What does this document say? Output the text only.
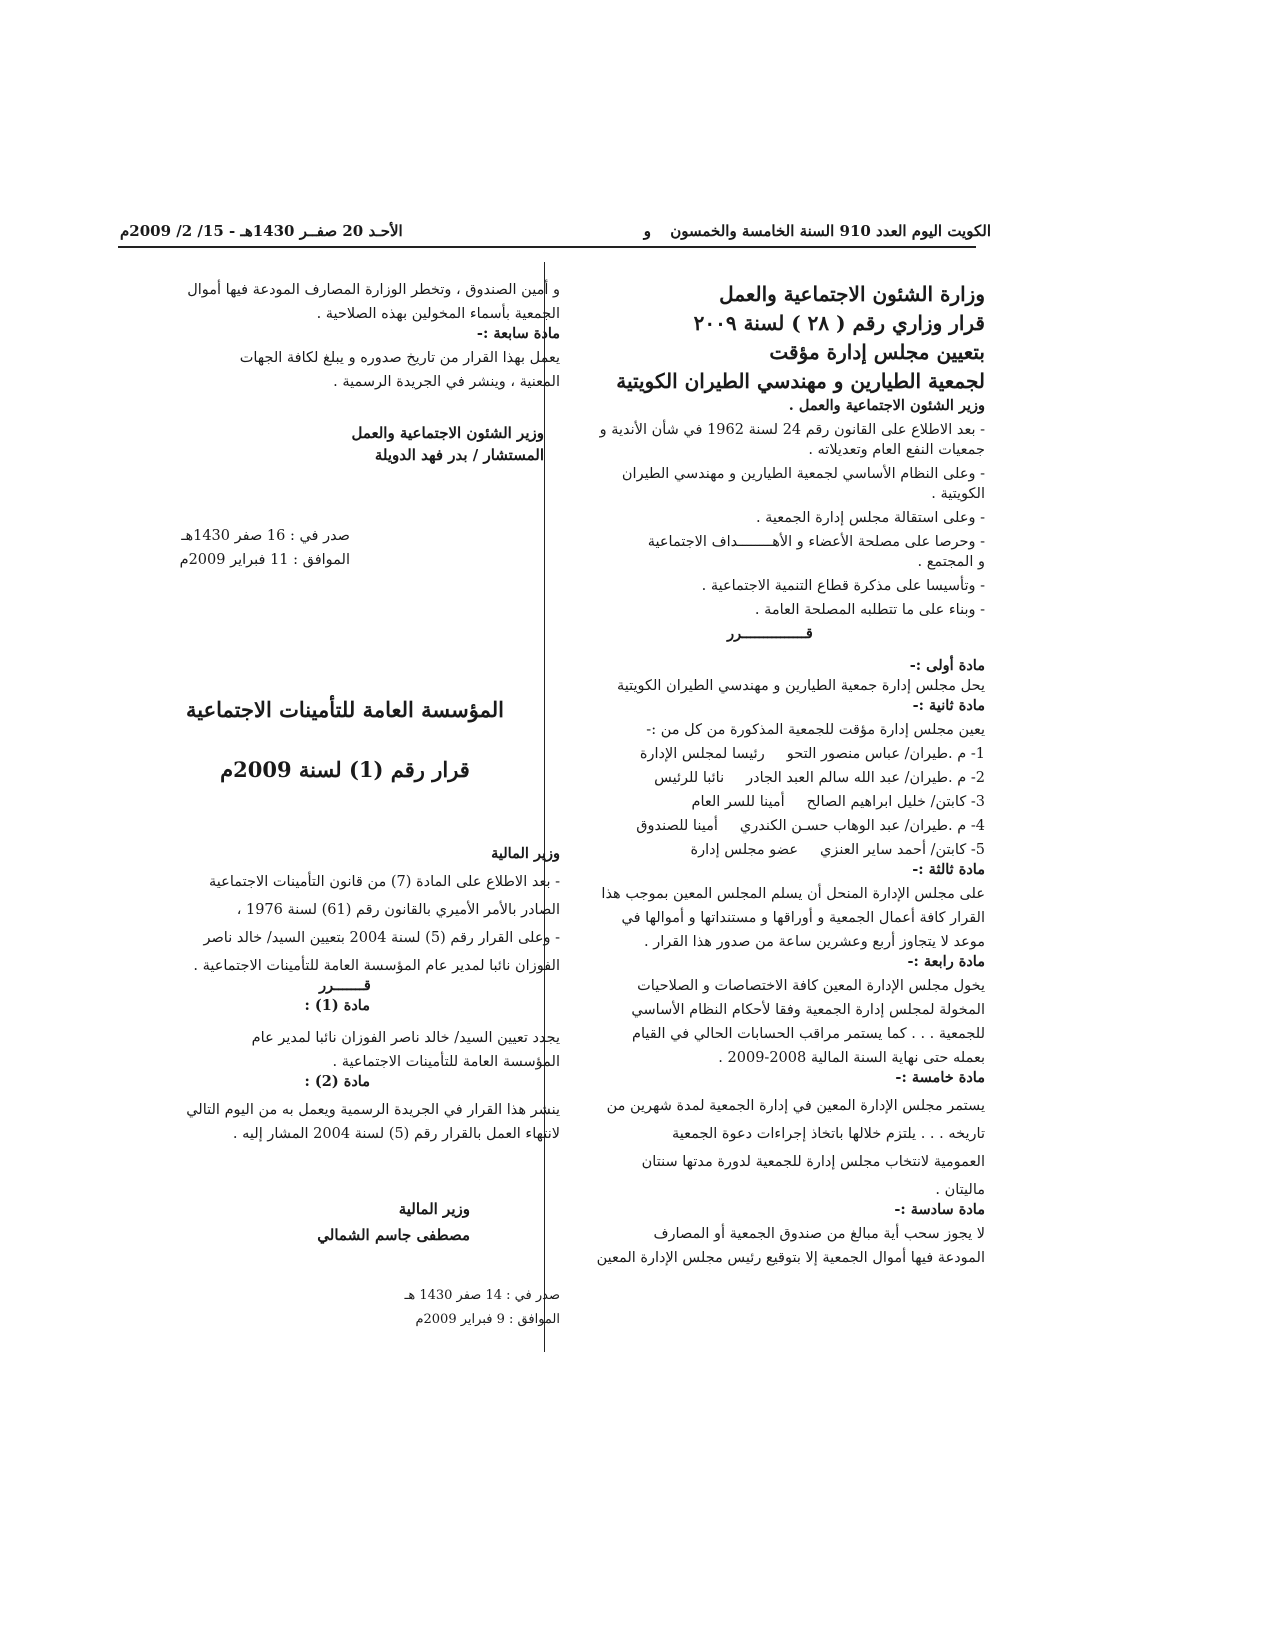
الكويت اليوم العدد 910 السنة الخامسة والخمسون و
الأحـد 20 صفــر 1430هـ - 15/ 2/ 2009م

وزارة الشئون الاجتماعية والعمل

قرار وزاري رقم ( ٢٨ ) لسنة ٢٠٠٩

بتعيين مجلس إدارة مؤقت

لجمعية الطيارين و مهندسي الطيران الكويتية

وزير الشئون الاجتماعية والعمل .

- بعد الاطلاع على القانون رقم 24 لسنة 1962 في شأن الأندية و

جمعيات النفع العام وتعديلاته .

- وعلى النظام الأساسي لجمعية الطيارين و مهندسي الطيران

الكويتية .

- وعلى استقالة مجلس إدارة الجمعية .

- وحرصا على مصلحة الأعضاء و الأهــــــــداف الاجتماعية

و المجتمع .

- وتأسيسا على مذكرة قطاع التنمية الاجتماعية .

- وبناء على ما تتطلبه المصلحة العامة .

قـــــــــــــــرر

مادة أولى :-

يحل مجلس إدارة جمعية الطيارين و مهندسي الطيران الكويتية

مادة ثانية :-

يعين مجلس إدارة مؤقت للجمعية المذكورة من كل من :-

1- م .طيران/ عباس منصور التحو
رئيسا لمجلس الإدارة
2- م .طيران/ عبد الله سالم العبد الجادر
نائبا للرئيس
3- كابتن/ خليل ابراهيم الصالح
أمينا للسر العام
4- م .طيران/ عبد الوهاب حسـن الكندري
أمينا للصندوق
5- كابتن/ أحمد ساير العنزي
عضو مجلس إدارة

مادة ثالثة :-

على مجلس الإدارة المنحل أن يسلم المجلس المعين بموجب هذا

القرار كافة أعمال الجمعية و أوراقها و مستنداتها و أموالها في

موعد لا يتجاوز أربع وعشرين ساعة من صدور هذا القرار .

مادة رابعة :-

يخول مجلس الإدارة المعين كافة الاختصاصات و الصلاحيات

المخولة لمجلس إدارة الجمعية وفقا لأحكام النظام الأساسي

للجمعية . . . كما يستمر مراقب الحسابات الحالي في القيام

بعمله حتى نهاية السنة المالية 2008-2009 .

مادة خامسة :-

يستمر مجلس الإدارة المعين في إدارة الجمعية لمدة شهرين من

تاريخه . . . يلتزم خلالها باتخاذ إجراءات دعوة الجمعية

العمومية لانتخاب مجلس إدارة للجمعية لدورة مدتها سنتان

ماليتان .

مادة سادسة :-

لا يجوز سحب أية مبالغ من صندوق الجمعية أو المصارف

المودعة فيها أموال الجمعية إلا بتوقيع رئيس مجلس الإدارة المعين

و أمين الصندوق ، وتخطر الوزارة المصارف المودعة فيها أموال

الجمعية بأسماء المخولين بهذه الصلاحية .

مادة سابعة :-

يعمل بهذا القرار من تاريخ صدوره و يبلغ لكافة الجهات

المعنية ، وينشر في الجريدة الرسمية .

وزير الشئون الاجتماعية والعمل

المستشار / بدر فهد الدويلة

صدر في : 16 صفر 1430هـ

الموافق : 11 فبراير 2009م

المؤسسة العامة للتأمينات الاجتماعية

قرار رقم (1) لسنة 2009م

وزير المالية

- بعد الاطلاع على المادة (7) من قانون التأمينات الاجتماعية

الصادر بالأمر الأميري بالقانون رقم (61) لسنة 1976 ،

- وعلى القرار رقم (5) لسنة 2004 بتعيين السيد/ خالد ناصر

الفوزان نائبا لمدير عام المؤسسة العامة للتأمينات الاجتماعية .

قـــــــرر

مادة (1) :

يجدد تعيين السيد/ خالد ناصر الفوزان نائبا لمدير عام

المؤسسة العامة للتأمينات الاجتماعية .

مادة (2) :

ينشر هذا القرار في الجريدة الرسمية ويعمل به من اليوم التالي

لانتهاء العمل بالقرار رقم (5) لسنة 2004 المشار إليه .

وزير المالية

مصطفى جاسم الشمالي

صدر في : 14 صفر 1430 هـ

الموافق : 9 فبراير 2009م
